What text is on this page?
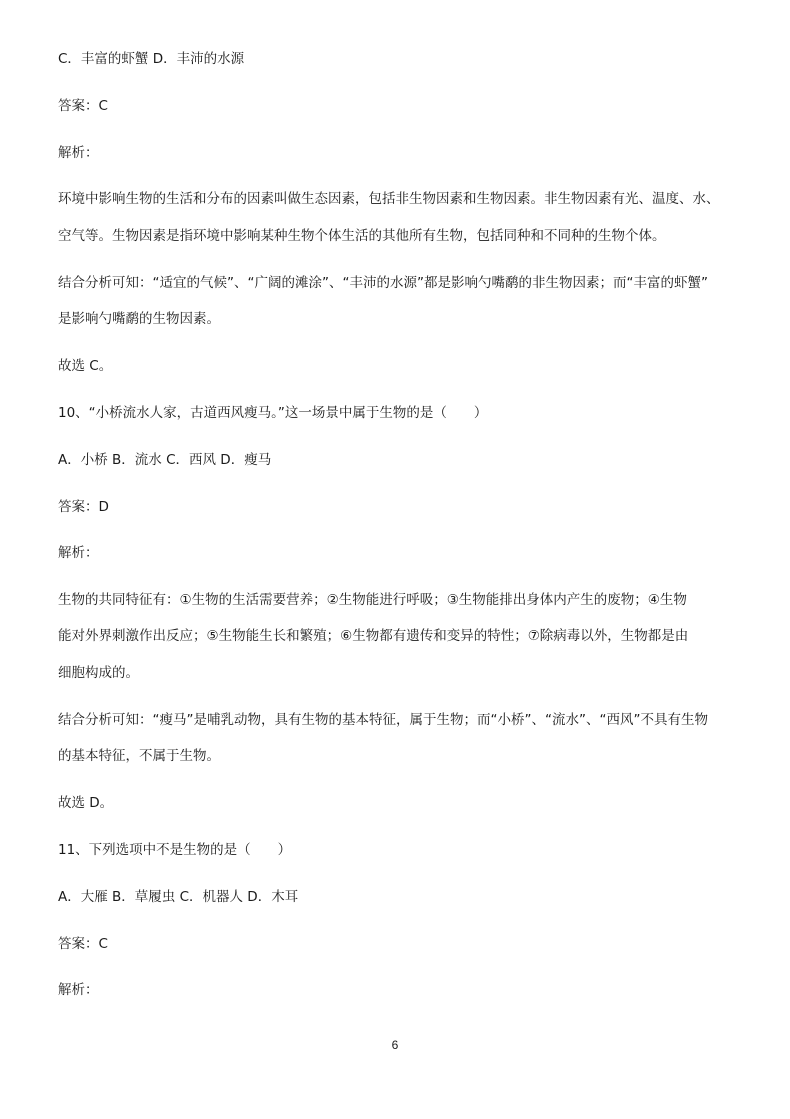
C．丰富的虾蟹 D．丰沛的水源
答案：C
解析：
环境中影响生物的生活和分布的因素叫做生态因素，包括非生物因素和生物因素。非生物因素有光、温度、水、
空气等。生物因素是指环境中影响某种生物个体生活的其他所有生物，包括同种和不同种的生物个体。
结合分析可知：“适宜的气候”、“广阔的滩涂”、“丰沛的水源”都是影响勺嘴鹬的非生物因素；而“丰富的虾蟹”
是影响勺嘴鹬的生物因素。
故选 C。
10、“小桥流水人家，古道西风瘦马。”这一场景中属于生物的是（　　）
A．小桥 B．流水 C．西风 D．瘦马
答案：D
解析：
生物的共同特征有：①生物的生活需要营养；②生物能进行呼吸；③生物能排出身体内产生的废物；④生物
能对外界刺激作出反应；⑤生物能生长和繁殖；⑥生物都有遗传和变异的特性；⑦除病毒以外，生物都是由
细胞构成的。
结合分析可知：“瘦马”是哺乳动物，具有生物的基本特征，属于生物；而“小桥”、“流水”、“西风”不具有生物
的基本特征，不属于生物。
故选 D。
11、下列选项中不是生物的是（　　）
A．大雁 B．草履虫 C．机器人 D．木耳
答案：C
解析：
6
